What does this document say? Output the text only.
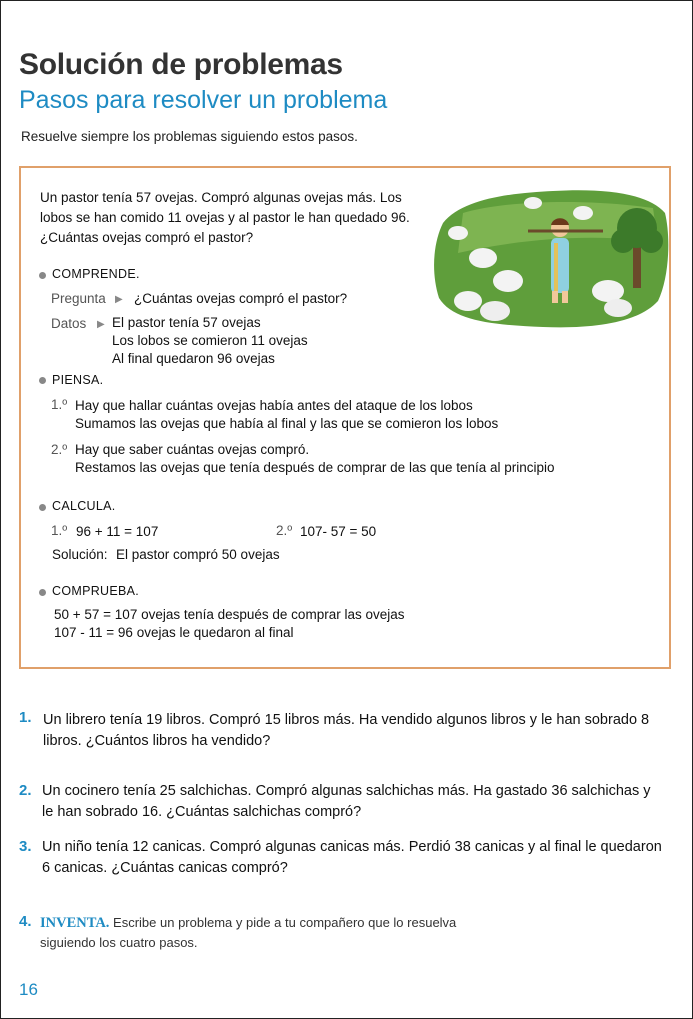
Solución de problemas
Pasos para resolver un problema
Resuelve siempre los problemas siguiendo estos pasos.
Un pastor tenía 57 ovejas. Compró algunas ovejas más. Los
lobos se han comido 11 ovejas y al pastor le han quedado 96.
¿Cuántas ovejas compró el pastor?
COMPRENDE.
Pregunta ▶ ¿Cuántas ovejas compró el pastor?
Datos ▶ El pastor tenía 57 ovejas
Los lobos se comieron 11 ovejas
Al final quedaron 96 ovejas
PIENSA.
1.º Hay que hallar cuántas ovejas había antes del ataque de los lobos
Sumamos las ovejas que había al final y las que se comieron los lobos
2.º Hay que saber cuántas ovejas compró.
Restamos las ovejas que tenía después de comprar de las que tenía al principio
CALCULA.
1.º 96 + 11 = 107	2.º 107- 57 = 50
Solución: El pastor compró 50 ovejas
COMPRUEBA.
50 + 57 = 107 ovejas tenía después de comprar las ovejas
107 - 11 = 96 ovejas le quedaron al final
1. Un librero tenía 19 libros. Compró 15 libros más. Ha vendido algunos libros y le han sobrado 8
libros. ¿Cuántos libros ha vendido?
2. Un cocinero tenía 25 salchichas. Compró algunas salchichas más. Ha gastado 36 salchichas y
le han sobrado 16. ¿Cuántas salchichas compró?
3. Un niño tenía 12 canicas. Compró algunas canicas más. Perdió 38 canicas y al final le quedaron
6 canicas. ¿Cuántas canicas compró?
4. INVENTA. Escribe un problema y pide a tu compañero que lo resuelva
siguiendo los cuatro pasos.
16
